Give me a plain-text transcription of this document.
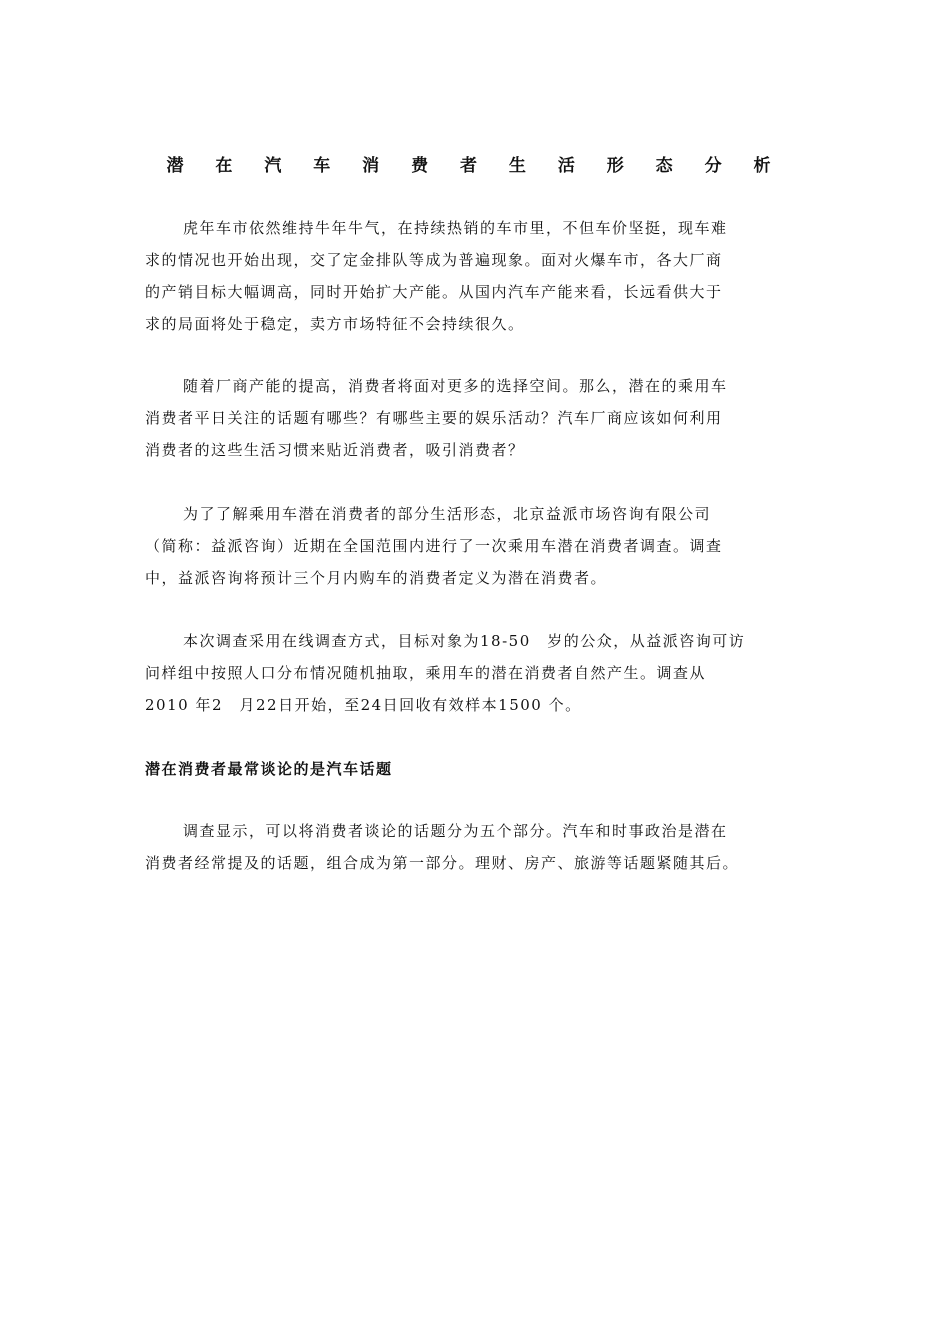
潜 在 汽 车 消 费 者 生 活 形 态 分 析
虎年车市依然维持牛年牛气，在持续热销的车市里，不但车价坚挺，现车难
求的情况也开始出现，交了定金排队等成为普遍现象。面对火爆车市，各大厂商
的产销目标大幅调高，同时开始扩大产能。从国内汽车产能来看，长远看供大于
求的局面将处于稳定，卖方市场特征不会持续很久。
随着厂商产能的提高，消费者将面对更多的选择空间。那么，潜在的乘用车
消费者平日关注的话题有哪些？有哪些主要的娱乐活动？汽车厂商应该如何利用
消费者的这些生活习惯来贴近消费者，吸引消费者？
为了了解乘用车潜在消费者的部分生活形态，北京益派市场咨询有限公司
（简称：益派咨询）近期在全国范围内进行了一次乘用车潜在消费者调查。调查
中，益派咨询将预计三个月内购车的消费者定义为潜在消费者。
本次调查采用在线调查方式，目标对象为18-50　岁的公众，从益派咨询可访
问样组中按照人口分布情况随机抽取，乘用车的潜在消费者自然产生。调查从
2010 年2　月22日开始，至24日回收有效样本1500 个。
潜在消费者最常谈论的是汽车话题
调查显示，可以将消费者谈论的话题分为五个部分。汽车和时事政治是潜在
消费者经常提及的话题，组合成为第一部分。理财、房产、旅游等话题紧随其后。
